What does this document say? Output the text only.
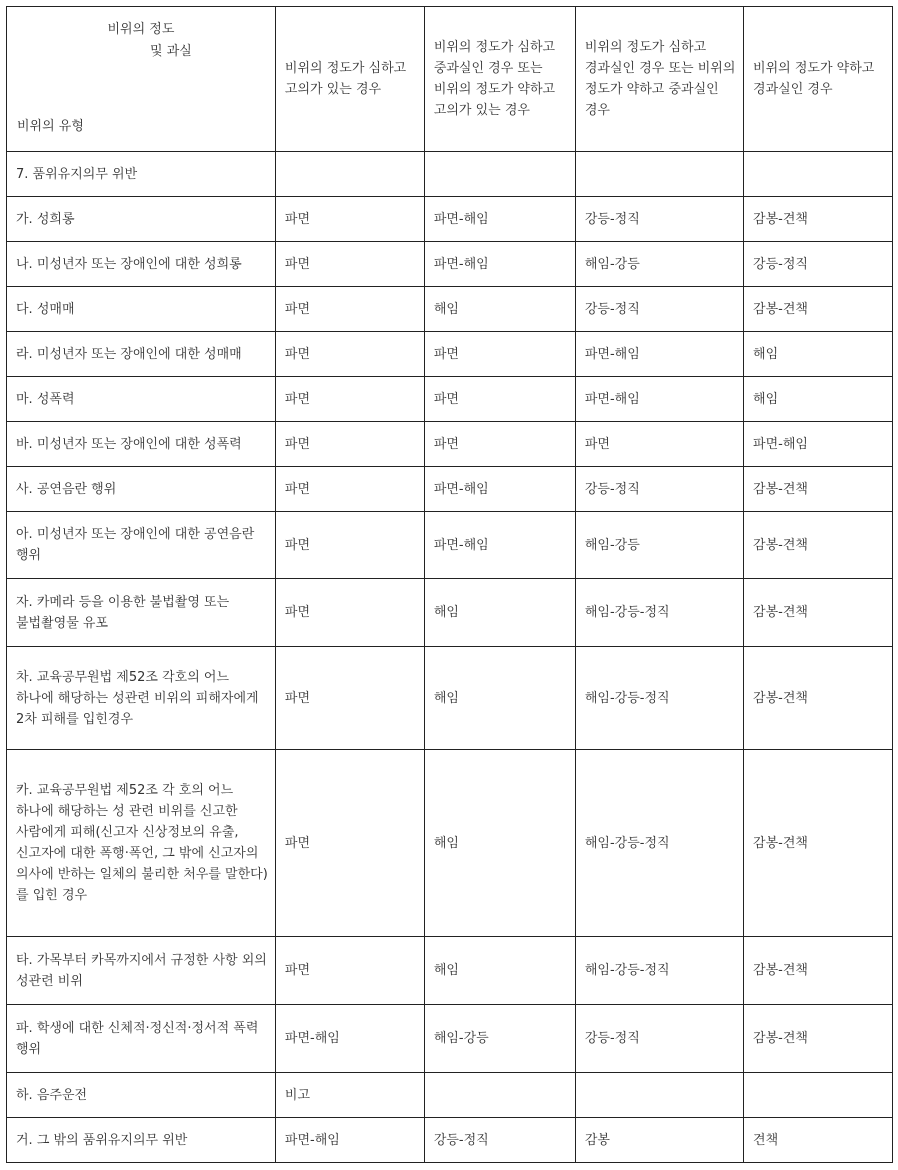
비위의 정도
및 과실
비위의 유형	비위의 정도가 심하고 고의가 있는 경우	비위의 정도가 심하고 중과실인 경우 또는 비위의 정도가 약하고 고의가 있는 경우	비위의 정도가 심하고 경과실인 경우 또는 비위의 정도가 약하고 중과실인 경우	비위의 정도가 약하고 경과실인 경우
7. 품위유지의무 위반				
가. 성희롱	파면	파면-해임	강등-정직	감봉-견책
나. 미성년자 또는 장애인에 대한 성희롱	파면	파면-해임	해임-강등	강등-정직
다. 성매매	파면	해임	강등-정직	감봉-견책
라. 미성년자 또는 장애인에 대한 성매매	파면	파면	파면-해임	해임
마. 성폭력	파면	파면	파면-해임	해임
바. 미성년자 또는 장애인에 대한 성폭력	파면	파면	파면	파면-해임
사. 공연음란 행위	파면	파면-해임	강등-정직	감봉-견책
아. 미성년자 또는 장애인에 대한 공연음란 행위	파면	파면-해임	해임-강등	감봉-견책
자. 카메라 등을 이용한 불법촬영 또는 불법촬영물 유포	파면	해임	해임-강등-정직	감봉-견책
차. 교육공무원법 제52조 각호의 어느 하나에 해당하는 성관련 비위의 피해자에게 2차 피해를 입힌경우	파면	해임	해임-강등-정직	감봉-견책
카. 교육공무원법 제52조 각 호의 어느 하나에 해당하는 성 관련 비위를 신고한 사람에게 피해(신고자 신상정보의 유출, 신고자에 대한 폭행·폭언, 그 밖에 신고자의 의사에 반하는 일체의 불리한 처우를 말한다)를 입힌 경우	파면	해임	해임-강등-정직	감봉-견책
타. 가목부터 카목까지에서 규정한 사항 외의 성관련 비위	파면	해임	해임-강등-정직	감봉-견책
파. 학생에 대한 신체적·정신적·정서적 폭력 행위	파면-해임	해임-강등	강등-정직	감봉-견책
하. 음주운전	비고			
거. 그 밖의 품위유지의무 위반	파면-해임	강등-정직	감봉	견책
